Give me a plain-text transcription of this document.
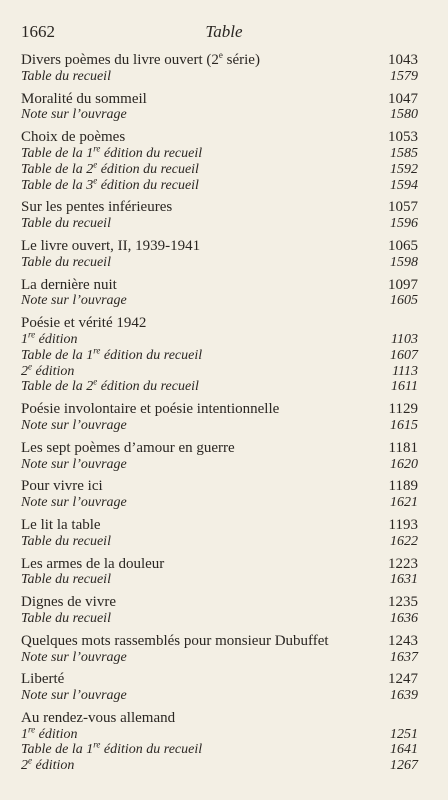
1662	Table
Divers poèmes du livre ouvert (2e série)	1043
Table du recueil	1579
Moralité du sommeil	1047
Note sur l’ouvrage	1580
Choix de poèmes	1053
Table de la 1re édition du recueil	1585
Table de la 2e édition du recueil	1592
Table de la 3e édition du recueil	1594
Sur les pentes inférieures	1057
Table du recueil	1596
Le livre ouvert, II, 1939-1941	1065
Table du recueil	1598
La dernière nuit	1097
Note sur l’ouvrage	1605
Poésie et vérité 1942
1re édition	1103
Table de la 1re édition du recueil	1607
2e édition	1113
Table de la 2e édition du recueil	1611
Poésie involontaire et poésie intentionnelle	1129
Note sur l’ouvrage	1615
Les sept poèmes d’amour en guerre	1181
Note sur l’ouvrage	1620
Pour vivre ici	1189
Note sur l’ouvrage	1621
Le lit la table	1193
Table du recueil	1622
Les armes de la douleur	1223
Table du recueil	1631
Dignes de vivre	1235
Table du recueil	1636
Quelques mots rassemblés pour monsieur Dubuffet	1243
Note sur l’ouvrage	1637
Liberté	1247
Note sur l’ouvrage	1639
Au rendez-vous allemand
1re édition	1251
Table de la 1re édition du recueil	1641
2e édition	1267
